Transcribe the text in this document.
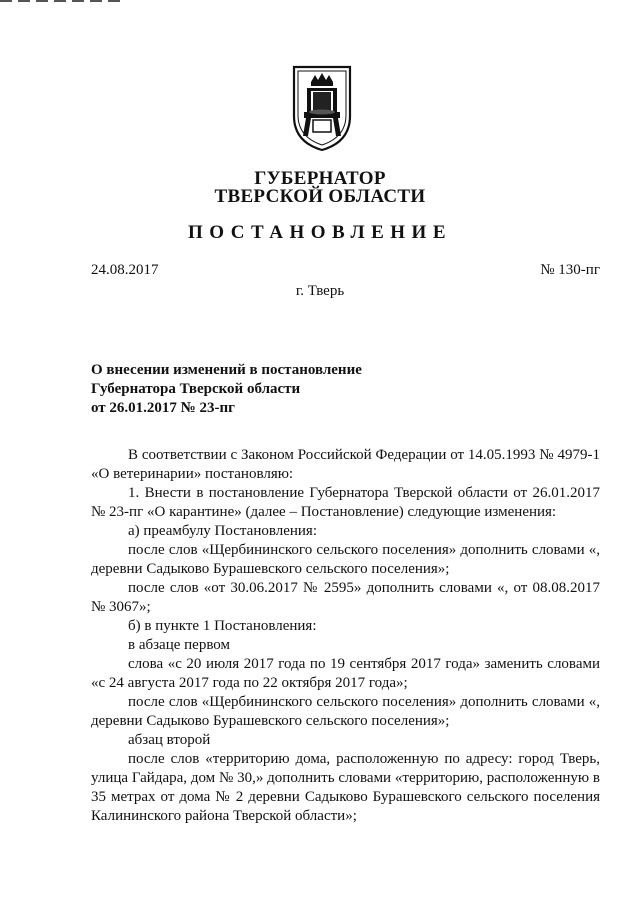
ГУБЕРНАТОР
ТВЕРСКОЙ ОБЛАСТИ
ПОСТАНОВЛЕНИЕ
24.08.2017	№ 130-пг
г. Тверь
О внесении изменений в постановление
Губернатора Тверской области
от 26.01.2017 № 23-пг

В соответствии с Законом Российской Федерации от 14.05.1993 № 4979-1 «О ветеринарии» постановляю:

1. Внести в постановление Губернатора Тверской области от 26.01.2017 № 23-пг «О карантине» (далее – Постановление) следующие изменения:

а) преамбулу Постановления:

после слов «Щербининского сельского поселения» дополнить словами «, деревни Садыково Бурашевского сельского поселения»;

после слов «от 30.06.2017 № 2595» дополнить словами «, от 08.08.2017 № 3067»;

б) в пункте 1 Постановления:

в абзаце первом

слова «с 20 июля 2017 года по 19 сентября 2017 года» заменить словами «с 24 августа 2017 года по 22 октября 2017 года»;

после слов «Щербининского сельского поселения» дополнить словами «, деревни Садыково Бурашевского сельского поселения»;

абзац второй

после слов «территорию дома, расположенную по адресу: город Тверь, улица Гайдара, дом № 30,» дополнить словами «территорию, расположенную в 35 метрах от дома № 2 деревни Садыково Бурашевского сельского поселения Калининского района Тверской области»;
